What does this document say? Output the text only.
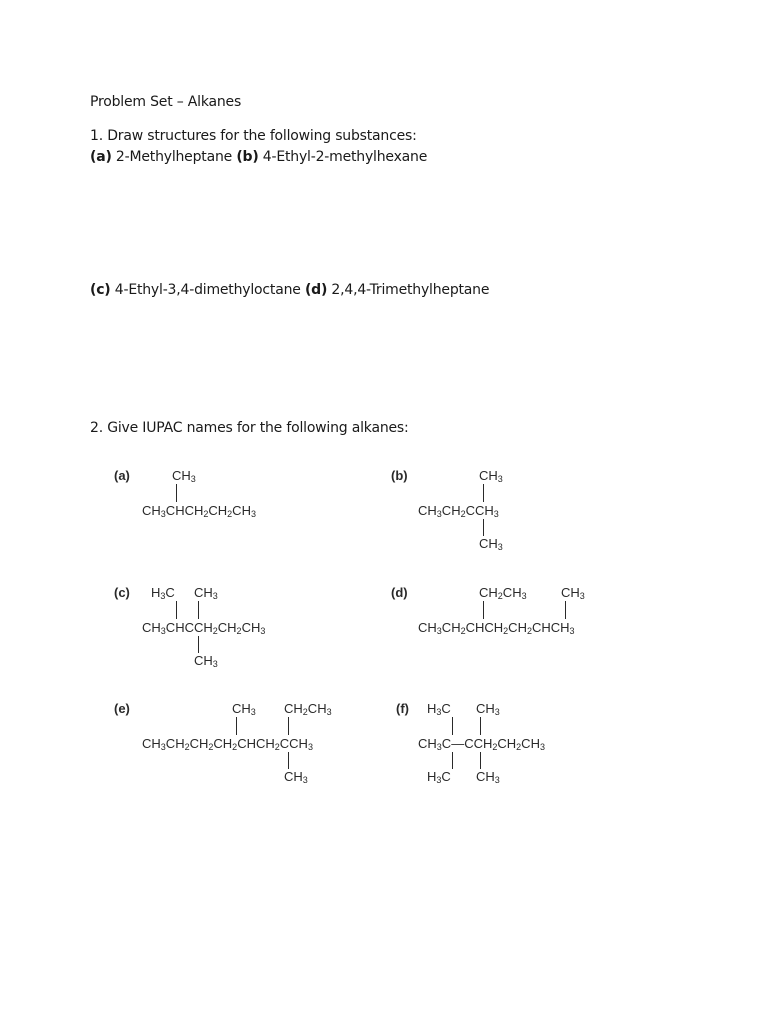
Problem Set – Alkanes
1. Draw structures for the following substances:
(a) 2-Methylheptane (b) 4-Ethyl-2-methylhexane
(c) 4-Ethyl-3,4-dimethyloctane (d) 2,4,4-Trimethylheptane
2. Give IUPAC names for the following alkanes:
(a)	$CH_3$
$CH_3CHCH_2CH_2CH_3$
(b)	$CH_3$
$CH_3CH_2CCH_3$
$CH_3$
(c) $H_3C$ $CH_3$
$CH_3CHCCH_2CH_2CH_3$
$CH_3$
(d)	$CH_2CH_3$	$CH_3$
$CH_3CH_2CHCH_2CH_2CHCH_3$
(e)	$CH_3$ $CH_2CH_3$
$CH_3CH_2CH_2CH_2CHCH_2CCH_3$
$CH_3$
(f) $H_3C$ $CH_3$
$CH_3C—CCH_2CH_2CH_3$
$H_3C$ $CH_3$
